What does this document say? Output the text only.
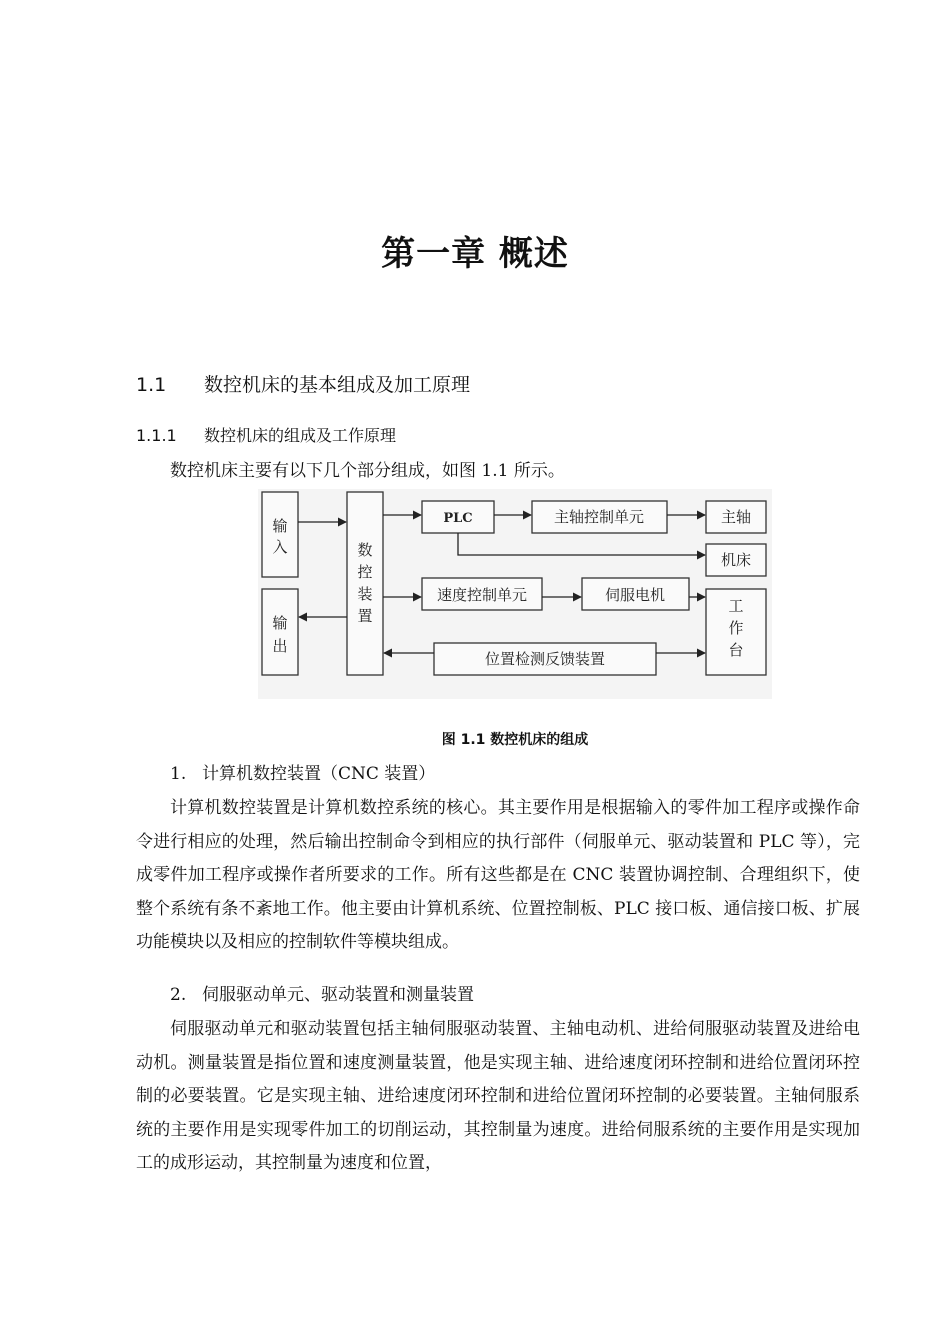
第一章 概述
1.1 数控机床的基本组成及加工原理
1.1.1 数控机床的组成及工作原理
数控机床主要有以下几个部分组成，如图 1.1 所示。
输
入
输
出
数
控
装
置
工
作
台
PLC	主轴控制单元	主轴
机床
速度控制单元	伺服电机
位置检测反馈装置
图 1.1 数控机床的组成
1. 计算机数控装置（CNC 装置）
计算机数控装置是计算机数控系统的核心。其主要作用是根据输入的零件加工程序或操作命令进行相应的处理，然后输出控制命令到相应的执行部件（伺服单元、驱动装置和 PLC 等），完成零件加工程序或操作者所要求的工作。所有这些都是在 CNC 装置协调控制、合理组织下，使整个系统有条不紊地工作。他主要由计算机系统、位置控制板、PLC 接口板、通信接口板、扩展功能模块以及相应的控制软件等模块组成。
2. 伺服驱动单元、驱动装置和测量装置
伺服驱动单元和驱动装置包括主轴伺服驱动装置、主轴电动机、进给伺服驱动装置及进给电动机。测量装置是指位置和速度测量装置，他是实现主轴、进给速度闭环控制和进给位置闭环控制的必要装置。它是实现主轴、进给速度闭环控制和进给位置闭环控制的必要装置。主轴伺服系统的主要作用是实现零件加工的切削运动，其控制量为速度。进给伺服系统的主要作用是实现加工的成形运动，其控制量为速度和位置，
